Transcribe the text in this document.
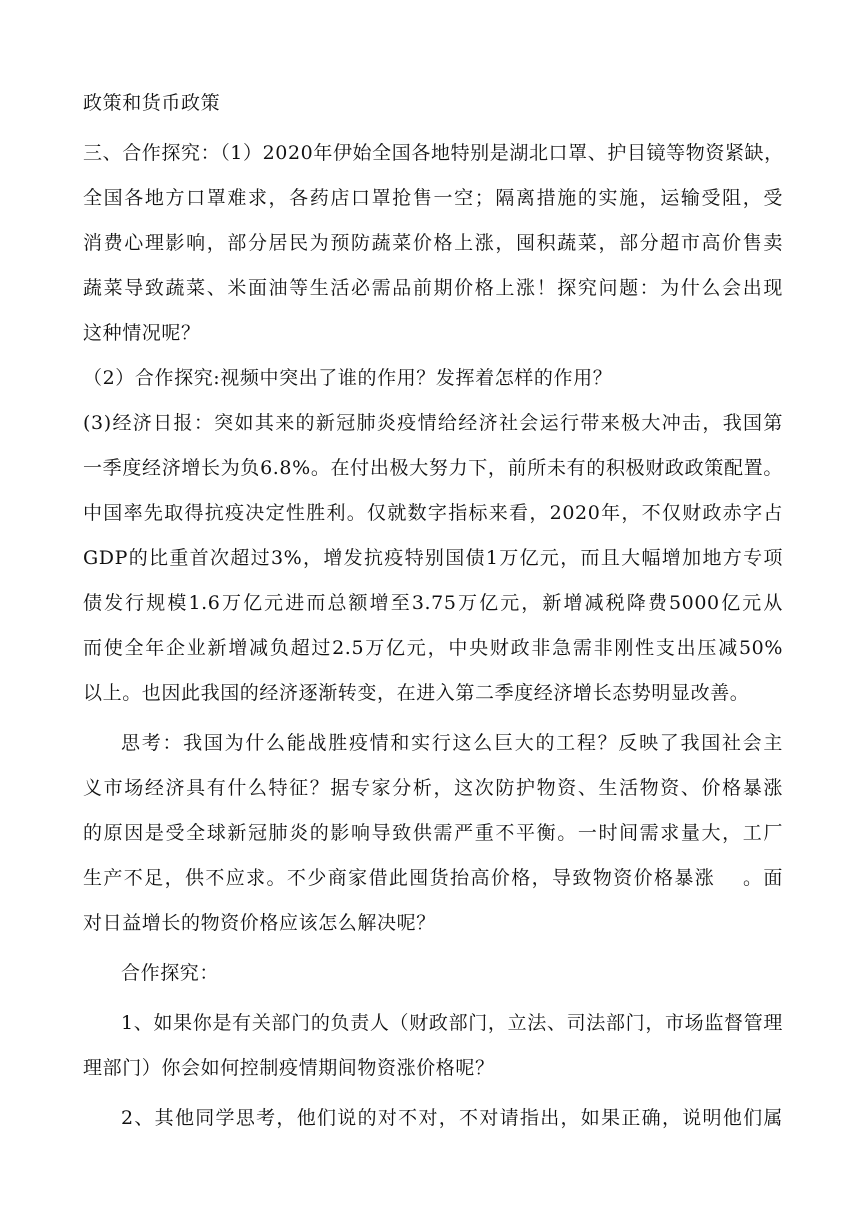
政策和货币政策
三、合作探究：（1）2020年伊始全国各地特别是湖北口罩、护目镜等物资紧缺，
全国各地方口罩难求，各药店口罩抢售一空；隔离措施的实施，运输受阻，受
消费心理影响，部分居民为预防蔬菜价格上涨，囤积蔬菜，部分超市高价售卖
蔬菜导致蔬菜、米面油等生活必需品前期价格上涨！探究问题：为什么会出现
这种情况呢？
（2）合作探究:视频中突出了谁的作用？发挥着怎样的作用？
(3)经济日报：突如其来的新冠肺炎疫情给经济社会运行带来极大冲击，我国第
一季度经济增长为负6.8%。在付出极大努力下，前所未有的积极财政政策配置。
中国率先取得抗疫决定性胜利。仅就数字指标来看，2020年，不仅财政赤字占
GDP的比重首次超过3%，增发抗疫特别国债1万亿元，而且大幅增加地方专项
债发行规模1.6万亿元进而总额增至3.75万亿元，新增减税降费5000亿元从
而使全年企业新增减负超过2.5万亿元，中央财政非急需非刚性支出压减50%
以上。也因此我国的经济逐渐转变，在进入第二季度经济增长态势明显改善。
思考：我国为什么能战胜疫情和实行这么巨大的工程？反映了我国社会主
义市场经济具有什么特征？据专家分析，这次防护物资、生活物资、价格暴涨
的原因是受全球新冠肺炎的影响导致供需严重不平衡。一时间需求量大，工厂
生产不足，供不应求。不少商家借此囤货抬高价格，导致物资价格暴涨　 。面
对日益增长的物资价格应该怎么解决呢？
合作探究：
1、如果你是有关部门的负责人（财政部门，立法、司法部门，市场监督管理
理部门）你会如何控制疫情期间物资涨价格呢？
2、其他同学思考，他们说的对不对，不对请指出，如果正确，说明他们属
